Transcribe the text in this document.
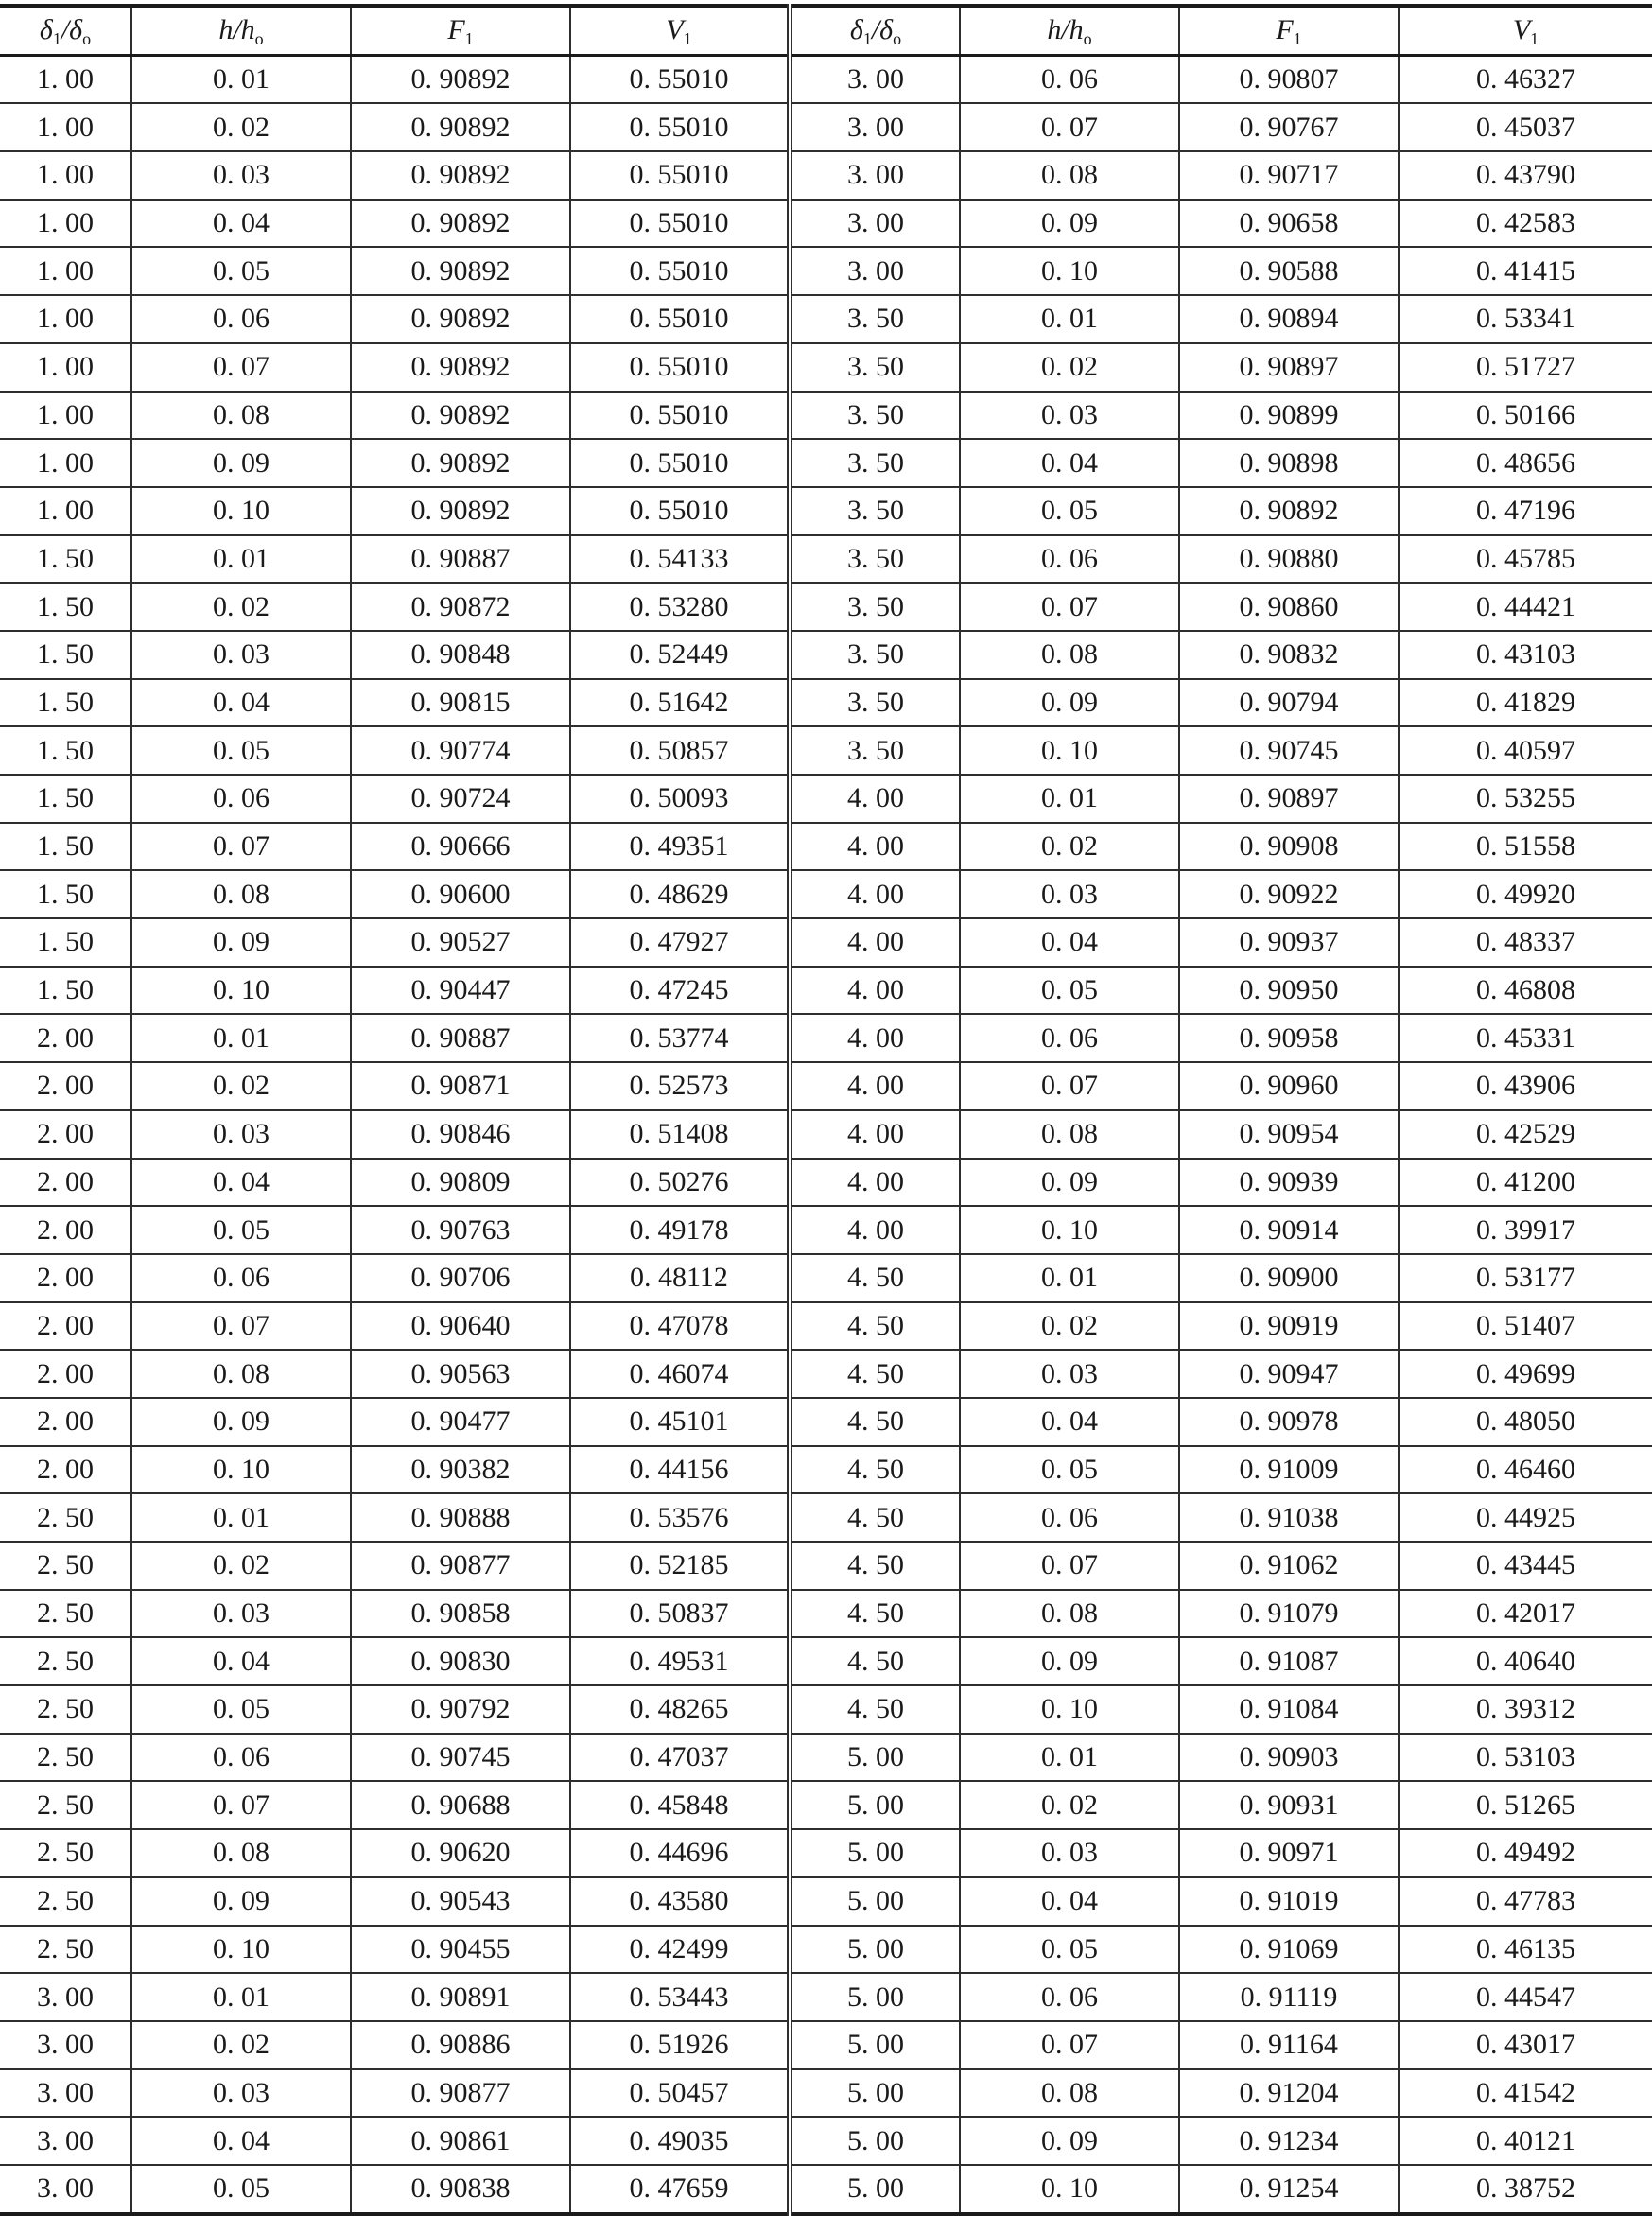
$\delta_1/\delta_o$	$h/h_o$	$F_1$	$V_1$	$\delta_1/\delta_o$	$h/h_o$	$F_1$	$V_1$
1. 00	0. 01	0. 90892	0. 55010	3. 00	0. 06	0. 90807	0. 46327
1. 00	0. 02	0. 90892	0. 55010	3. 00	0. 07	0. 90767	0. 45037
1. 00	0. 03	0. 90892	0. 55010	3. 00	0. 08	0. 90717	0. 43790
1. 00	0. 04	0. 90892	0. 55010	3. 00	0. 09	0. 90658	0. 42583
1. 00	0. 05	0. 90892	0. 55010	3. 00	0. 10	0. 90588	0. 41415
1. 00	0. 06	0. 90892	0. 55010	3. 50	0. 01	0. 90894	0. 53341
1. 00	0. 07	0. 90892	0. 55010	3. 50	0. 02	0. 90897	0. 51727
1. 00	0. 08	0. 90892	0. 55010	3. 50	0. 03	0. 90899	0. 50166
1. 00	0. 09	0. 90892	0. 55010	3. 50	0. 04	0. 90898	0. 48656
1. 00	0. 10	0. 90892	0. 55010	3. 50	0. 05	0. 90892	0. 47196
1. 50	0. 01	0. 90887	0. 54133	3. 50	0. 06	0. 90880	0. 45785
1. 50	0. 02	0. 90872	0. 53280	3. 50	0. 07	0. 90860	0. 44421
1. 50	0. 03	0. 90848	0. 52449	3. 50	0. 08	0. 90832	0. 43103
1. 50	0. 04	0. 90815	0. 51642	3. 50	0. 09	0. 90794	0. 41829
1. 50	0. 05	0. 90774	0. 50857	3. 50	0. 10	0. 90745	0. 40597
1. 50	0. 06	0. 90724	0. 50093	4. 00	0. 01	0. 90897	0. 53255
1. 50	0. 07	0. 90666	0. 49351	4. 00	0. 02	0. 90908	0. 51558
1. 50	0. 08	0. 90600	0. 48629	4. 00	0. 03	0. 90922	0. 49920
1. 50	0. 09	0. 90527	0. 47927	4. 00	0. 04	0. 90937	0. 48337
1. 50	0. 10	0. 90447	0. 47245	4. 00	0. 05	0. 90950	0. 46808
2. 00	0. 01	0. 90887	0. 53774	4. 00	0. 06	0. 90958	0. 45331
2. 00	0. 02	0. 90871	0. 52573	4. 00	0. 07	0. 90960	0. 43906
2. 00	0. 03	0. 90846	0. 51408	4. 00	0. 08	0. 90954	0. 42529
2. 00	0. 04	0. 90809	0. 50276	4. 00	0. 09	0. 90939	0. 41200
2. 00	0. 05	0. 90763	0. 49178	4. 00	0. 10	0. 90914	0. 39917
2. 00	0. 06	0. 90706	0. 48112	4. 50	0. 01	0. 90900	0. 53177
2. 00	0. 07	0. 90640	0. 47078	4. 50	0. 02	0. 90919	0. 51407
2. 00	0. 08	0. 90563	0. 46074	4. 50	0. 03	0. 90947	0. 49699
2. 00	0. 09	0. 90477	0. 45101	4. 50	0. 04	0. 90978	0. 48050
2. 00	0. 10	0. 90382	0. 44156	4. 50	0. 05	0. 91009	0. 46460
2. 50	0. 01	0. 90888	0. 53576	4. 50	0. 06	0. 91038	0. 44925
2. 50	0. 02	0. 90877	0. 52185	4. 50	0. 07	0. 91062	0. 43445
2. 50	0. 03	0. 90858	0. 50837	4. 50	0. 08	0. 91079	0. 42017
2. 50	0. 04	0. 90830	0. 49531	4. 50	0. 09	0. 91087	0. 40640
2. 50	0. 05	0. 90792	0. 48265	4. 50	0. 10	0. 91084	0. 39312
2. 50	0. 06	0. 90745	0. 47037	5. 00	0. 01	0. 90903	0. 53103
2. 50	0. 07	0. 90688	0. 45848	5. 00	0. 02	0. 90931	0. 51265
2. 50	0. 08	0. 90620	0. 44696	5. 00	0. 03	0. 90971	0. 49492
2. 50	0. 09	0. 90543	0. 43580	5. 00	0. 04	0. 91019	0. 47783
2. 50	0. 10	0. 90455	0. 42499	5. 00	0. 05	0. 91069	0. 46135
3. 00	0. 01	0. 90891	0. 53443	5. 00	0. 06	0. 91119	0. 44547
3. 00	0. 02	0. 90886	0. 51926	5. 00	0. 07	0. 91164	0. 43017
3. 00	0. 03	0. 90877	0. 50457	5. 00	0. 08	0. 91204	0. 41542
3. 00	0. 04	0. 90861	0. 49035	5. 00	0. 09	0. 91234	0. 40121
3. 00	0. 05	0. 90838	0. 47659	5. 00	0. 10	0. 91254	0. 38752
